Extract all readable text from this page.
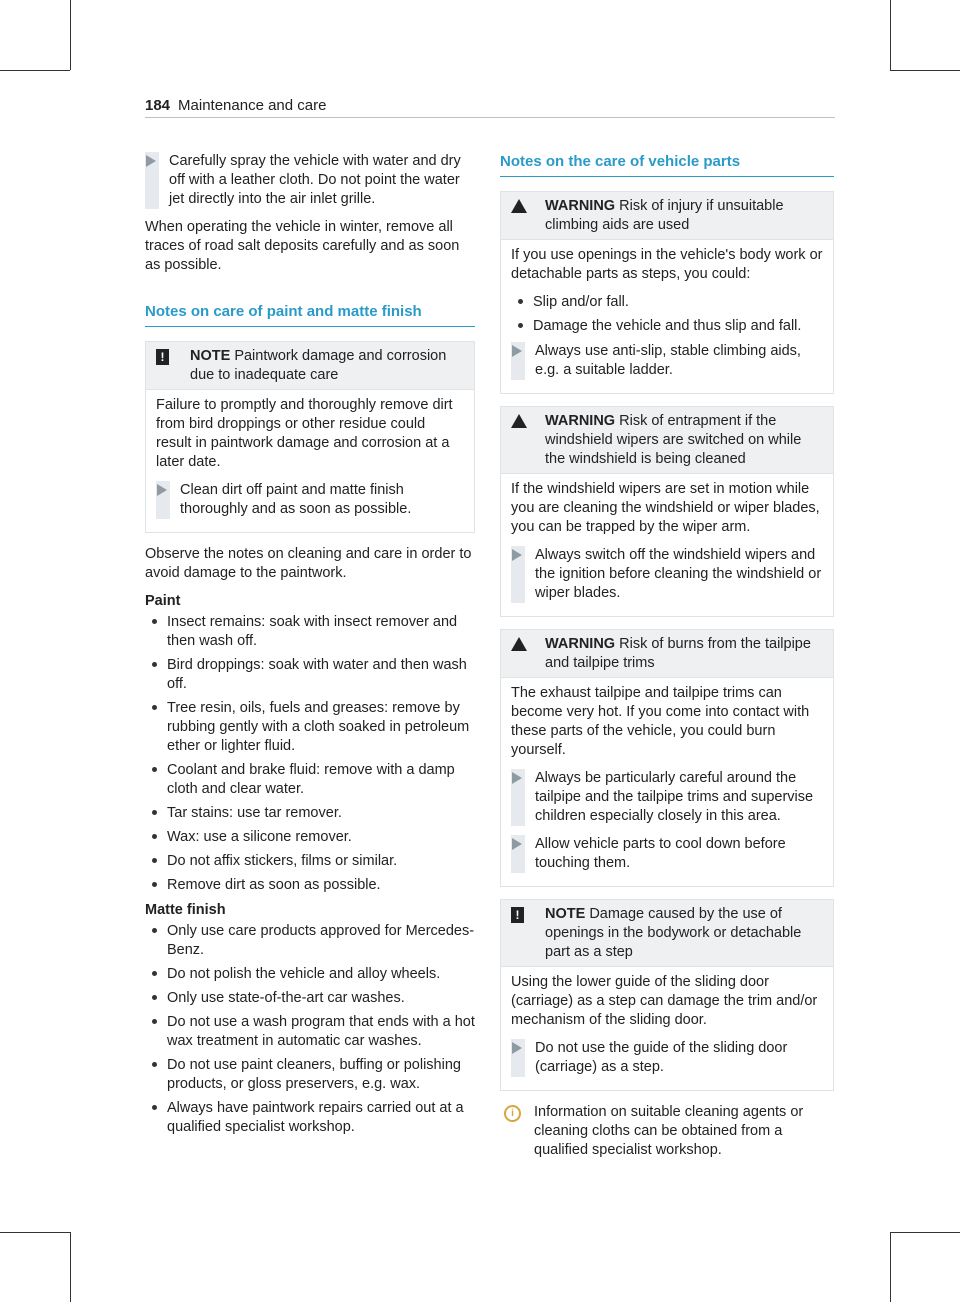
184 Maintenance and care
Carefully spray the vehicle with water and dry off with a leather cloth. Do not point the water jet directly into the air inlet grille.

When operating the vehicle in winter, remove all traces of road salt deposits carefully and as soon as possible.

Notes on care of paint and matte finish
!	NOTE Paintwork damage and corrosion due to inadequate care

Failure to promptly and thoroughly remove dirt from bird droppings or other residue could result in paintwork damage and corrosion at a later date.

Clean dirt off paint and matte finish thoroughly and as soon as possible.

Observe the notes on cleaning and care in order to avoid damage to the paintwork.

Paint
Insect remains: soak with insect remover and then wash off.
Bird droppings: soak with water and then wash off.
Tree resin, oils, fuels and greases: remove by rubbing gently with a cloth soaked in petroleum ether or lighter fluid.
Coolant and brake fluid: remove with a damp cloth and clear water.
Tar stains: use tar remover.
Wax: use a silicone remover.
Do not affix stickers, films or similar.
Remove dirt as soon as possible.
Matte finish
Only use care products approved for Mercedes-Benz.
Do not polish the vehicle and alloy wheels.
Only use state-of-the-art car washes.
Do not use a wash program that ends with a hot wax treatment in automatic car washes.
Do not use paint cleaners, buffing or polishing products, or gloss preservers, e.g. wax.
Always have paintwork repairs carried out at a qualified specialist workshop.
Notes on the care of vehicle parts
WARNING Risk of injury if unsuitable climbing aids are used

If you use openings in the vehicle's body work or detachable parts as steps, you could:

Slip and/or fall.
Damage the vehicle and thus slip and fall.
Always use anti-slip, stable climbing aids, e.g. a suitable ladder.
WARNING Risk of entrapment if the windshield wipers are switched on while the windshield is being cleaned

If the windshield wipers are set in motion while you are cleaning the windshield or wiper blades, you can be trapped by the wiper arm.

Always switch off the windshield wipers and the ignition before cleaning the windshield or wiper blades.
WARNING Risk of burns from the tailpipe and tailpipe trims

The exhaust tailpipe and tailpipe trims can become very hot. If you come into contact with these parts of the vehicle, you could burn yourself.

Always be particularly careful around the tailpipe and the tailpipe trims and supervise children especially closely in this area.
Allow vehicle parts to cool down before touching them.
!	NOTE Damage caused by the use of openings in the bodywork or detachable part as a step

Using the lower guide of the sliding door (carriage) as a step can damage the trim and/or mechanism of the sliding door.

Do not use the guide of the sliding door (carriage) as a step.
i	Information on suitable cleaning agents or cleaning cloths can be obtained from a qualified specialist workshop.
